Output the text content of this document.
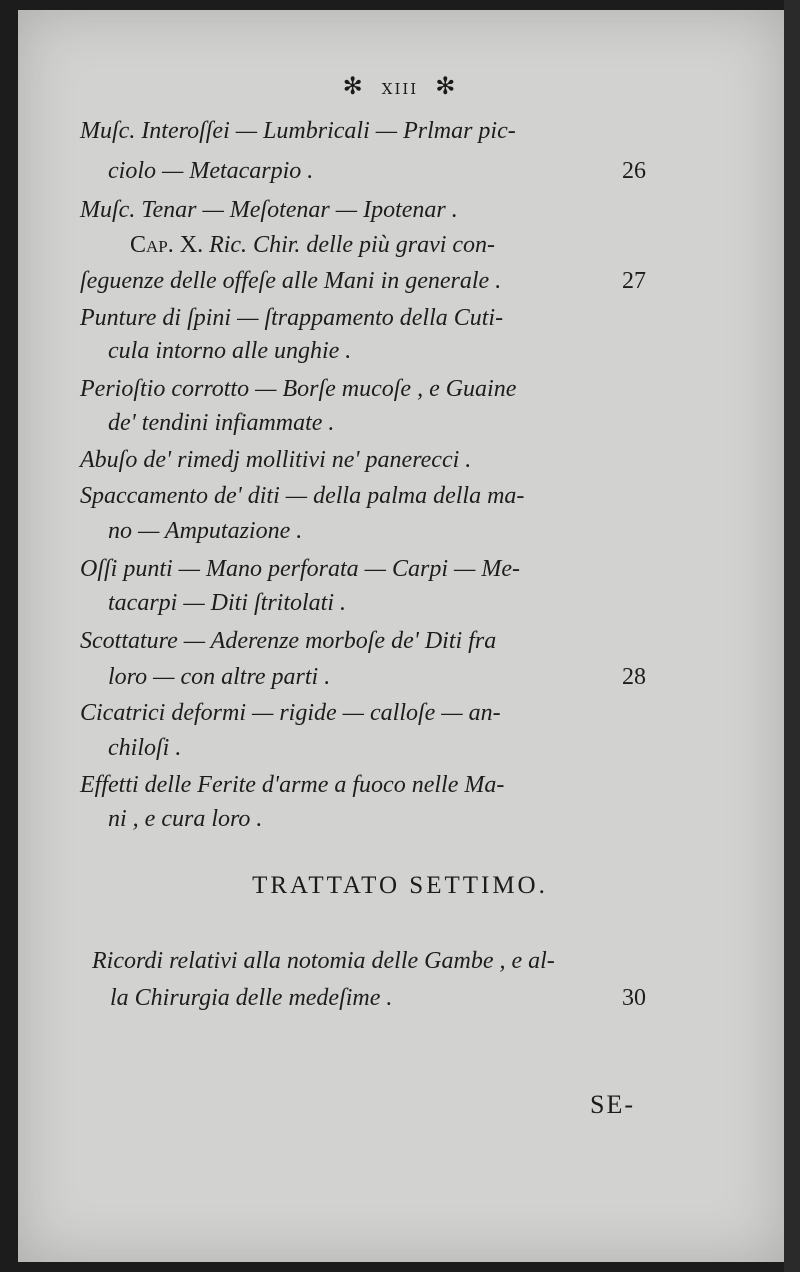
✻ XIII ✻
Muſc. Interoſſei — Lumbricali — Prlmar pic-
ciolo — Metacarpio .	26
Muſc. Tenar — Meſotenar — Ipotenar .
Cap. X. Ric. Chir. delle più gravi con-
ſeguenze delle offeſe alle Mani in generale .	27
Punture di ſpini — ſtrappamento della Cuti-
cula intorno alle unghie .
Perioſtio corrotto — Borſe mucoſe , e Guaine
de' tendini infiammate .
Abuſo de' rimedj mollitivi ne' panerecci .
Spaccamento de' diti — della palma della ma-
no — Amputazione .
Oſſi punti — Mano perforata — Carpi — Me-
tacarpi — Diti ſtritolati .
Scottature — Aderenze morboſe de' Diti fra
loro — con altre parti .	28
Cicatrici deformi — rigide — calloſe — an-
chiloſi .
Effetti delle Ferite d'arme a fuoco nelle Ma-
ni , e cura loro .
TRATTATO SETTIMO.
Ricordi relativi alla notomia delle Gambe , e al-
la Chirurgia delle medeſime .	30
SE-
